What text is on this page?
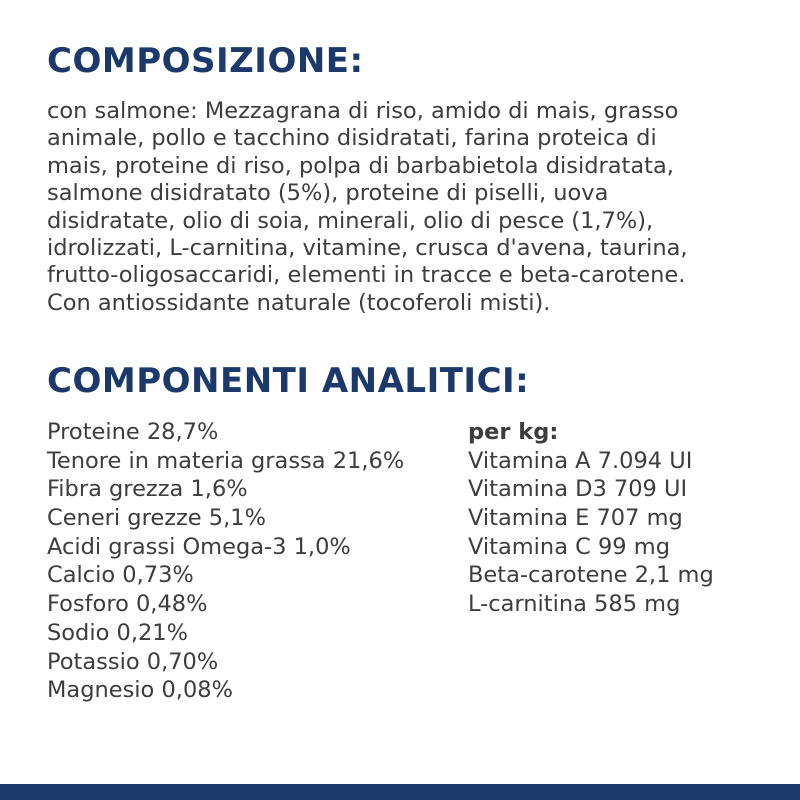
COMPOSIZIONE:

con salmone: Mezzagrana di riso, amido di mais, grasso
animale, pollo e tacchino disidratati, farina proteica di
mais, proteine di riso, polpa di barbabietola disidratata,
salmone disidratato (5%), proteine di piselli, uova
disidratate, olio di soia, minerali, olio di pesce (1,7%),
idrolizzati, L-carnitina, vitamine, crusca d'avena, taurina,
frutto-oligosaccaridi, elementi in tracce e beta-carotene.
Con antiossidante naturale (tocoferoli misti).

COMPONENTI ANALITICI:
Proteine 28,7%
Tenore in materia grassa 21,6%
Fibra grezza 1,6%
Ceneri grezze 5,1%
Acidi grassi Omega-3 1,0%
Calcio 0,73%
Fosforo 0,48%
Sodio 0,21%
Potassio 0,70%
Magnesio 0,08%
per kg:
Vitamina A 7.094 UI
Vitamina D3 709 UI
Vitamina E 707 mg
Vitamina C 99 mg
Beta-carotene 2,1 mg
L-carnitina 585 mg
